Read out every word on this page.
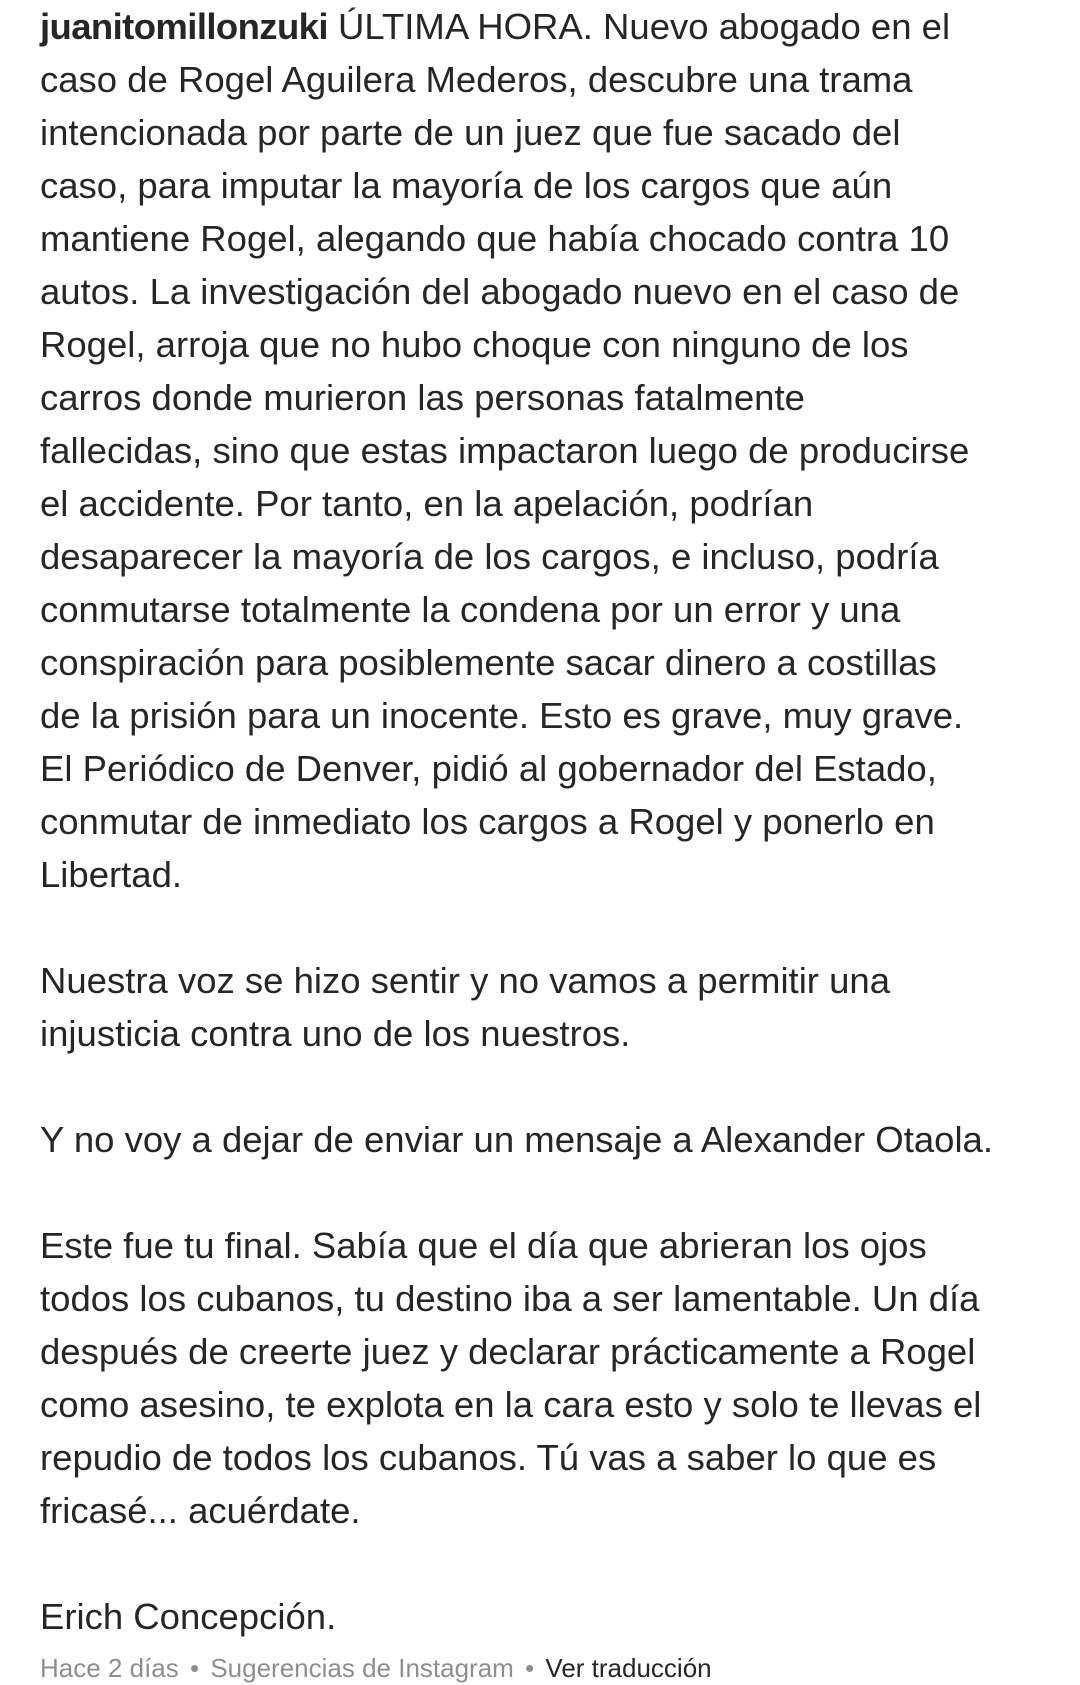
juanitomillonzuki ÚLTIMA HORA. Nuevo abogado en el

caso de Rogel Aguilera Mederos, descubre una trama

intencionada por parte de un juez que fue sacado del

caso, para imputar la mayoría de los cargos que aún

mantiene Rogel, alegando que había chocado contra 10

autos. La investigación del abogado nuevo en el caso de

Rogel, arroja que no hubo choque con ninguno de los

carros donde murieron las personas fatalmente

fallecidas, sino que estas impactaron luego de producirse

el accidente. Por tanto, en la apelación, podrían

desaparecer la mayoría de los cargos, e incluso, podría

conmutarse totalmente la condena por un error y una

conspiración para posiblemente sacar dinero a costillas

de la prisión para un inocente. Esto es grave, muy grave.

El Periódico de Denver, pidió al gobernador del Estado,

conmutar de inmediato los cargos a Rogel y ponerlo en

Libertad.

Nuestra voz se hizo sentir y no vamos a permitir una

injusticia contra uno de los nuestros.

Y no voy a dejar de enviar un mensaje a Alexander Otaola.

Este fue tu final. Sabía que el día que abrieran los ojos

todos los cubanos, tu destino iba a ser lamentable. Un día

después de creerte juez y declarar prácticamente a Rogel

como asesino, te explota en la cara esto y solo te llevas el

repudio de todos los cubanos. Tú vas a saber lo que es

fricasé... acuérdate.

Erich Concepción.

Hace 2 días • Sugerencias de Instagram • Ver traducción
